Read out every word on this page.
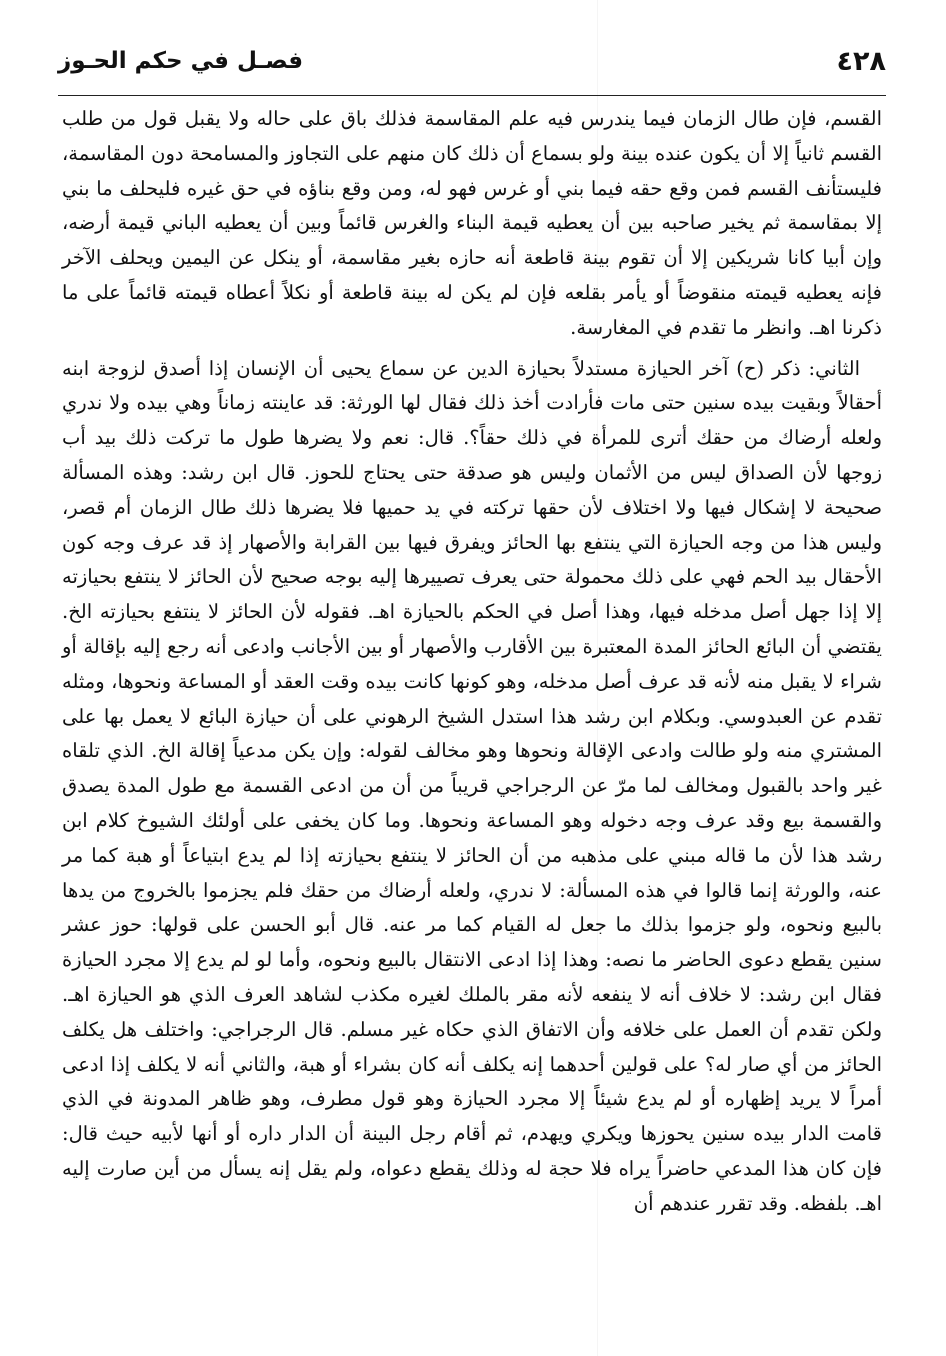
٤٢٨
فصـل في حكم الحـوز

القسم، فإن طال الزمان فيما يندرس فيه علم المقاسمة فذلك باق على حاله ولا يقبل قول من طلب القسم ثانياً إلا أن يكون عنده بينة ولو بسماع أن ذلك كان منهم على التجاوز والمسامحة دون المقاسمة، فليستأنف القسم فمن وقع حقه فيما بني أو غرس فهو له، ومن وقع بناؤه في حق غيره فليحلف ما بني إلا بمقاسمة ثم يخير صاحبه بين أن يعطيه قيمة البناء والغرس قائماً وبين أن يعطيه الباني قيمة أرضه، وإن أبيا كانا شريكين إلا أن تقوم بينة قاطعة أنه حازه بغير مقاسمة، أو ينكل عن اليمين ويحلف الآخر فإنه يعطيه قيمته منقوضاً أو يأمر بقلعه فإن لم يكن له بينة قاطعة أو نكلاً أعطاه قيمته قائماً على ما ذكرنا اهـ. وانظر ما تقدم في المغارسة.

الثاني: ذكر (ح) آخر الحيازة مستدلاً بحيازة الدين عن سماع يحيى أن الإنسان إذا أصدق لزوجة ابنه أحقالاً وبقيت بيده سنين حتى مات فأرادت أخذ ذلك فقال لها الورثة: قد عاينته زماناً وهي بيده ولا ندري ولعله أرضاك من حقك أترى للمرأة في ذلك حقاً؟. قال: نعم ولا يضرها طول ما تركت ذلك بيد أب زوجها لأن الصداق ليس من الأثمان وليس هو صدقة حتى يحتاج للحوز. قال ابن رشد: وهذه المسألة صحيحة لا إشكال فيها ولا اختلاف لأن حقها تركته في يد حميها فلا يضرها ذلك طال الزمان أم قصر، وليس هذا من وجه الحيازة التي ينتفع بها الحائز ويفرق فيها بين القرابة والأصهار إذ قد عرف وجه كون الأحقال بيد الحم فهي على ذلك محمولة حتى يعرف تصييرها إليه بوجه صحيح لأن الحائز لا ينتفع بحيازته إلا إذا جهل أصل مدخله فيها، وهذا أصل في الحكم بالحيازة اهـ. فقوله لأن الحائز لا ينتفع بحيازته الخ. يقتضي أن البائع الحائز المدة المعتبرة بين الأقارب والأصهار أو بين الأجانب وادعى أنه رجع إليه بإقالة أو شراء لا يقبل منه لأنه قد عرف أصل مدخله، وهو كونها كانت بيده وقت العقد أو المساعة ونحوها، ومثله تقدم عن العبدوسي. وبكلام ابن رشد هذا استدل الشيخ الرهوني على أن حيازة البائع لا يعمل بها على المشتري منه ولو طالت وادعى الإقالة ونحوها وهو مخالف لقوله: وإن يكن مدعياً إقالة الخ. الذي تلقاه غير واحد بالقبول ومخالف لما مرّ عن الرجراجي قريباً من أن من ادعى القسمة مع طول المدة يصدق والقسمة بيع وقد عرف وجه دخوله وهو المساعة ونحوها. وما كان يخفى على أولئك الشيوخ كلام ابن رشد هذا لأن ما قاله مبني على مذهبه من أن الحائز لا ينتفع بحيازته إذا لم يدع ابتياعاً أو هبة كما مر عنه، والورثة إنما قالوا في هذه المسألة: لا ندري، ولعله أرضاك من حقك فلم يجزموا بالخروج من يدها بالبيع ونحوه، ولو جزموا بذلك ما جعل له القيام كما مر عنه. قال أبو الحسن على قولها: حوز عشر سنين يقطع دعوى الحاضر ما نصه: وهذا إذا ادعى الانتقال بالبيع ونحوه، وأما لو لم يدع إلا مجرد الحيازة فقال ابن رشد: لا خلاف أنه لا ينفعه لأنه مقر بالملك لغيره مكذب لشاهد العرف الذي هو الحيازة اهـ. ولكن تقدم أن العمل على خلافه وأن الاتفاق الذي حكاه غير مسلم. قال الرجراجي: واختلف هل يكلف الحائز من أي صار له؟ على قولين أحدهما إنه يكلف أنه كان بشراء أو هبة، والثاني أنه لا يكلف إذا ادعى أمراً لا يريد إظهاره أو لم يدع شيئاً إلا مجرد الحيازة وهو قول مطرف، وهو ظاهر المدونة في الذي قامت الدار بيده سنين يحوزها ويكري ويهدم، ثم أقام رجل البينة أن الدار داره أو أنها لأبيه حيث قال: فإن كان هذا المدعي حاضراً يراه فلا حجة له وذلك يقطع دعواه، ولم يقل إنه يسأل من أين صارت إليه اهـ. بلفظه. وقد تقرر عندهم أن
